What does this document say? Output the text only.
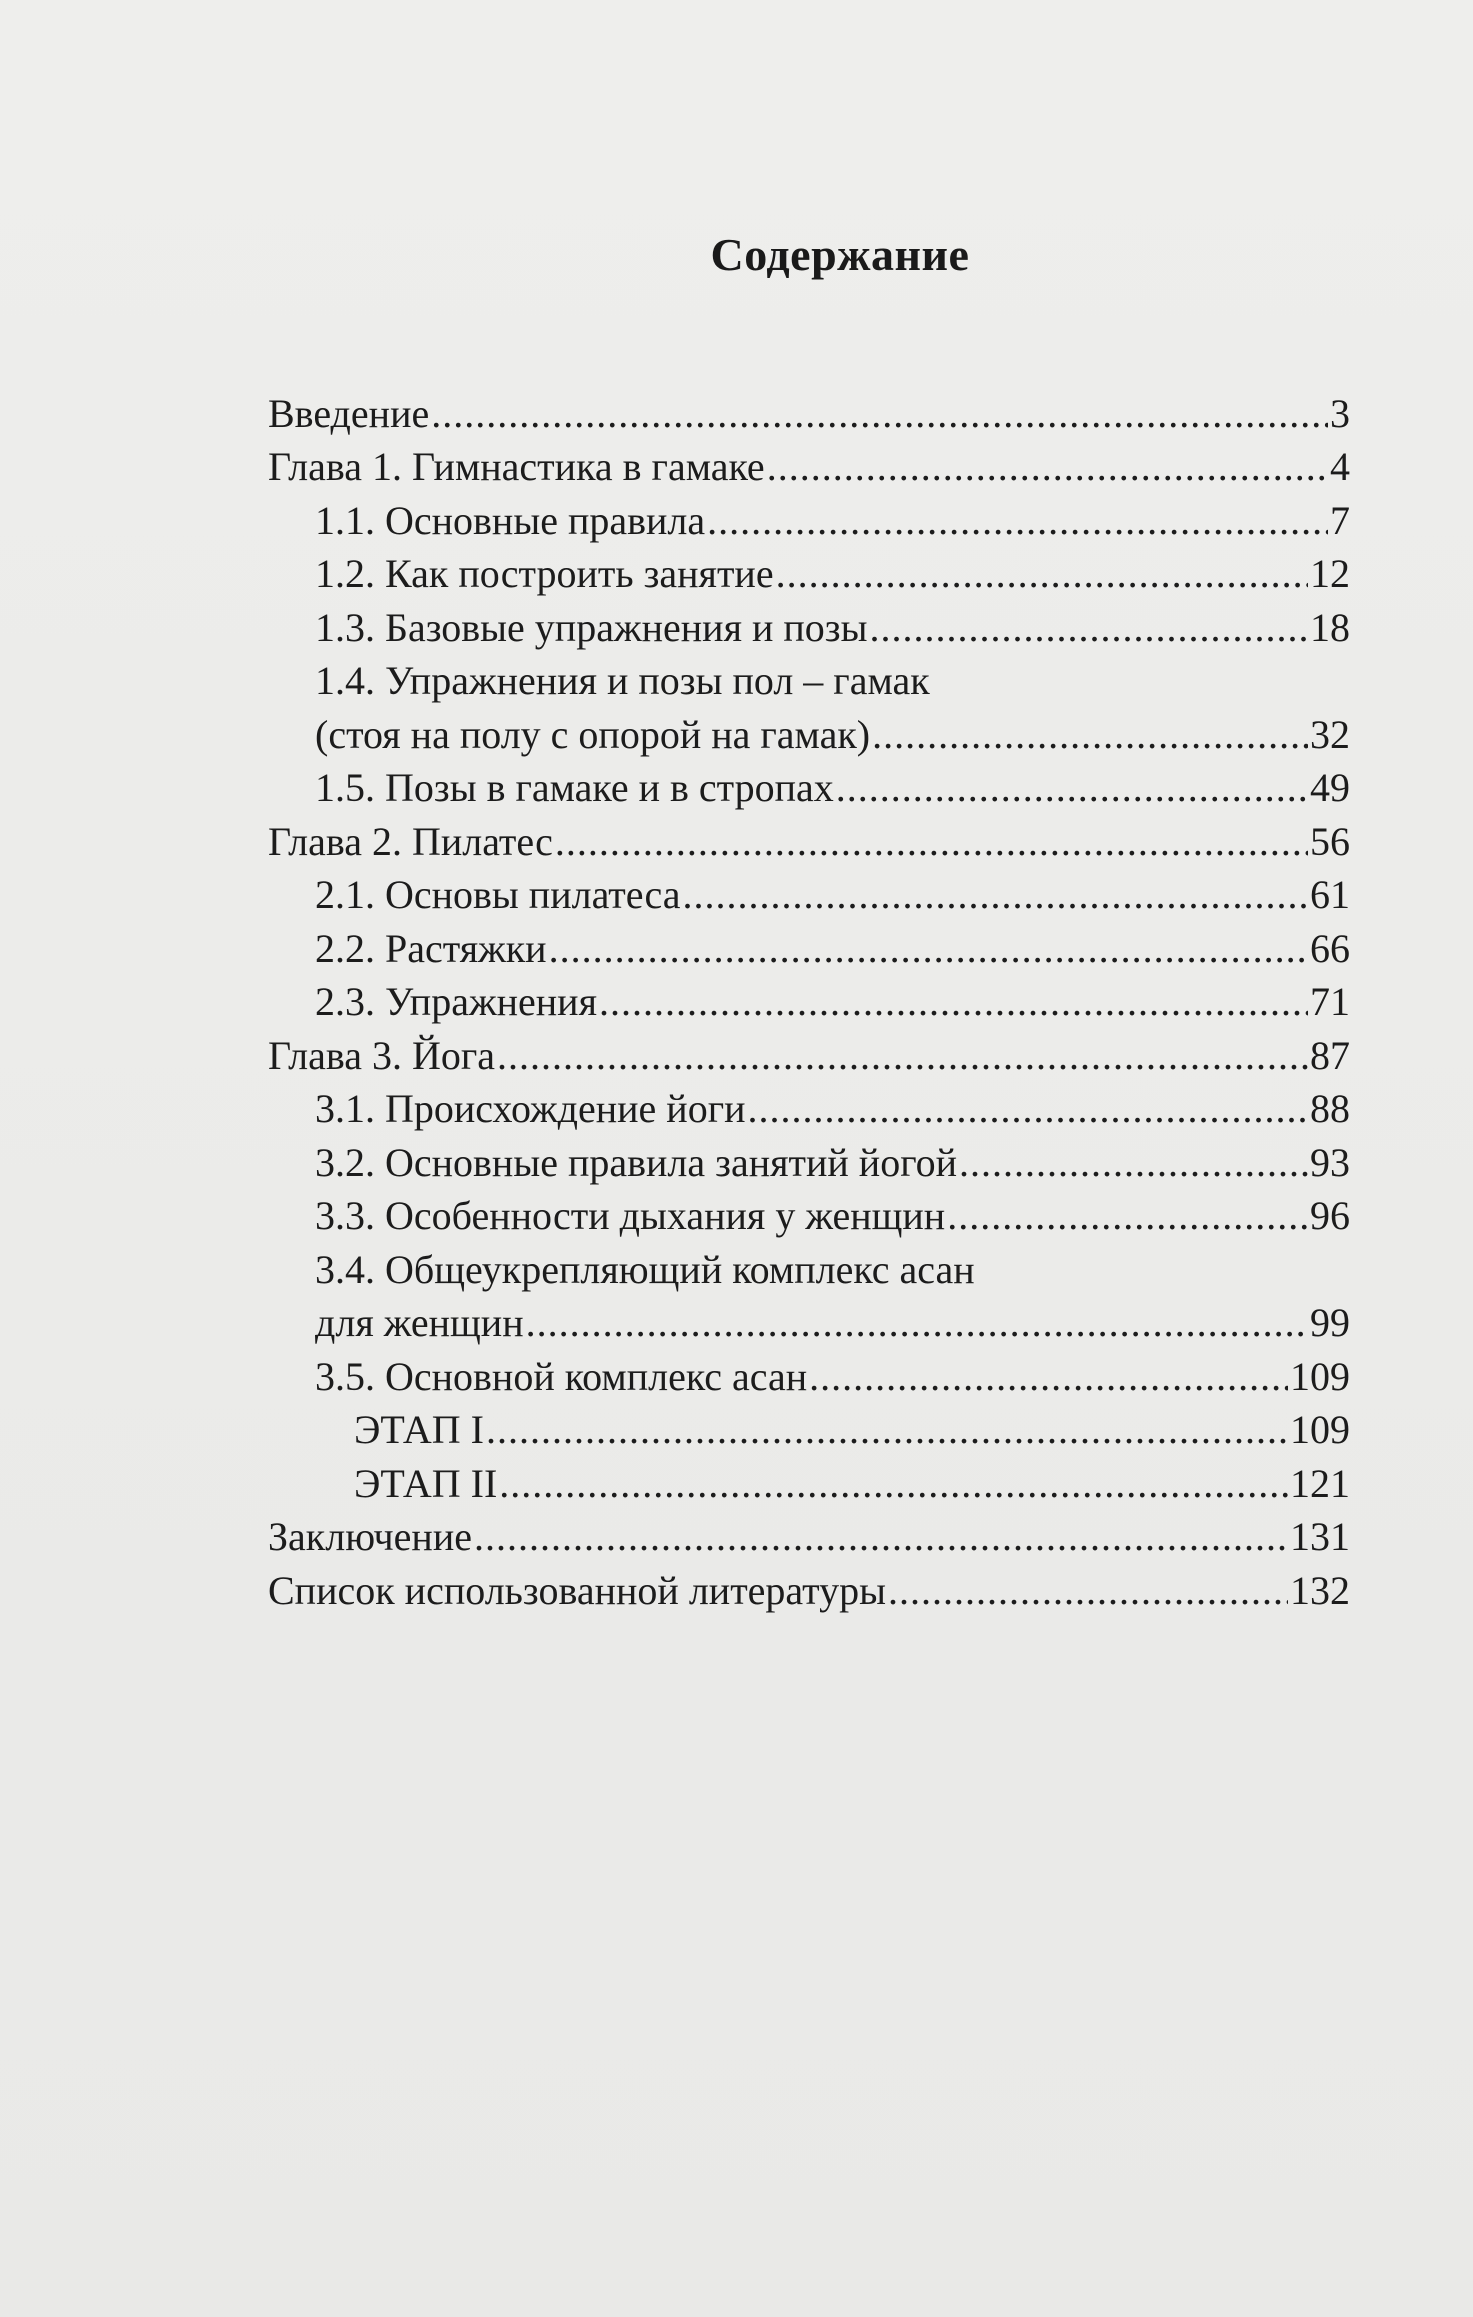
Содержание
Введение .....	3
Глава 1. Гимнастика в гамаке .....	4
1.1. Основные правила .....	7
1.2. Как построить занятие .....	12
1.3. Базовые упражнения и позы .....	18
1.4. Упражнения и позы пол – гамак
(стоя на полу с опорой на гамак) .....	32
1.5. Позы в гамаке и в стропах .....	49
Глава 2. Пилатес .....	56
2.1. Основы пилатеса .....	61
2.2. Растяжки .....	66
2.3. Упражнения .....	71
Глава 3. Йога .....	87
3.1. Происхождение йоги .....	88
3.2. Основные правила занятий йогой .....	93
3.3. Особенности дыхания у женщин .....	96
3.4. Общеукрепляющий комплекс асан
для женщин .....	99
3.5. Основной комплекс асан .....	109
ЭТАП I .....	109
ЭТАП II .....	121
Заключение .....	131
Список использованной литературы .....	132
